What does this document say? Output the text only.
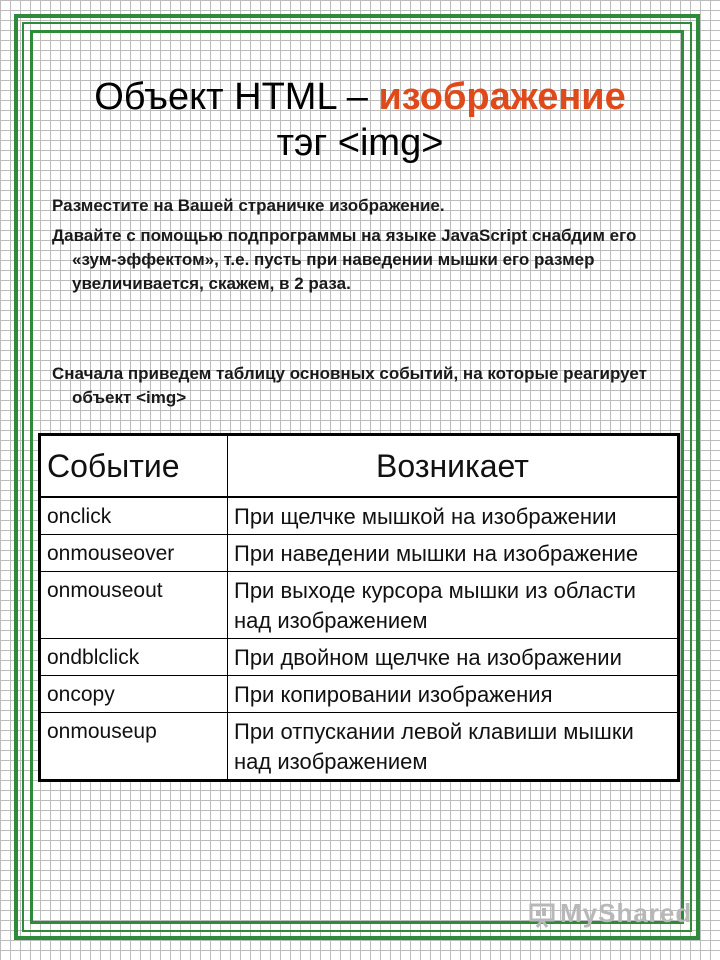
Объект HTML – изображение
тэг <img>
Разместите на Вашей страничке изображение.
Давайте с помощью подпрограммы на языке JavaScript снабдим его «зум-эффектом», т.е. пусть при наведении мышки его размер увеличивается, скажем, в 2 раза.
Сначала приведем таблицу основных событий, на которые реагирует объект <img>
Событие	Возникает
onclick	При щелчке мышкой на изображении
onmouseover	При наведении мышки на изображение
onmouseout	При выходе курсора мышки из области над изображением
ondblclick	При двойном щелчке на изображении
oncopy	При копировании изображения
onmouseup	При отпускании левой клавиши мышки над изображением
MyShared
